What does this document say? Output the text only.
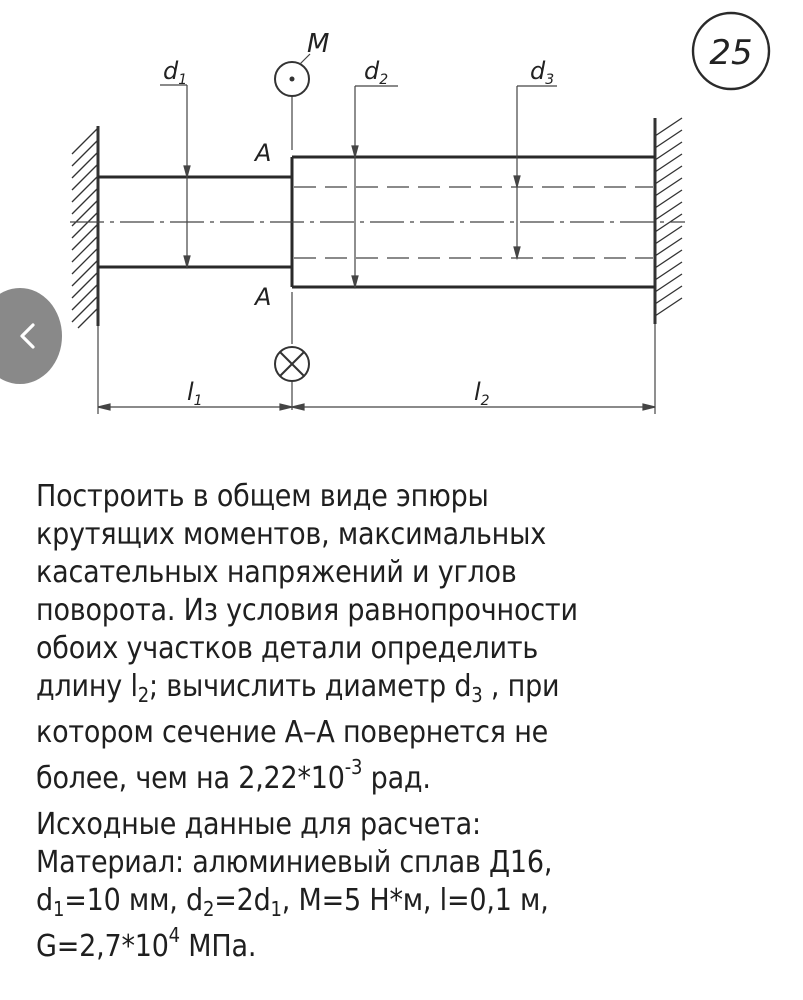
M
A
A
$d_1$	$d_2$	$d_3$
$l_1$	$l_2$
25
Построить в общем виде эпюры
крутящих моментов, максимальных
касательных напряжений и углов
поворота. Из условия равнопрочности
обоих участков детали определить
длину $l_2$; вычислить диаметр $d_3$ , при
котором сечение А–А повернется не
более, чем на $2,22*10^{-3}$ рад.
Исходные данные для расчета:
Материал: алюминиевый сплав Д16,
$d_1=10$ мм, $d_2=2d_1$, M=5 Н*м, l=0,1 м,
$G=2,7*10^4$ МПа.
